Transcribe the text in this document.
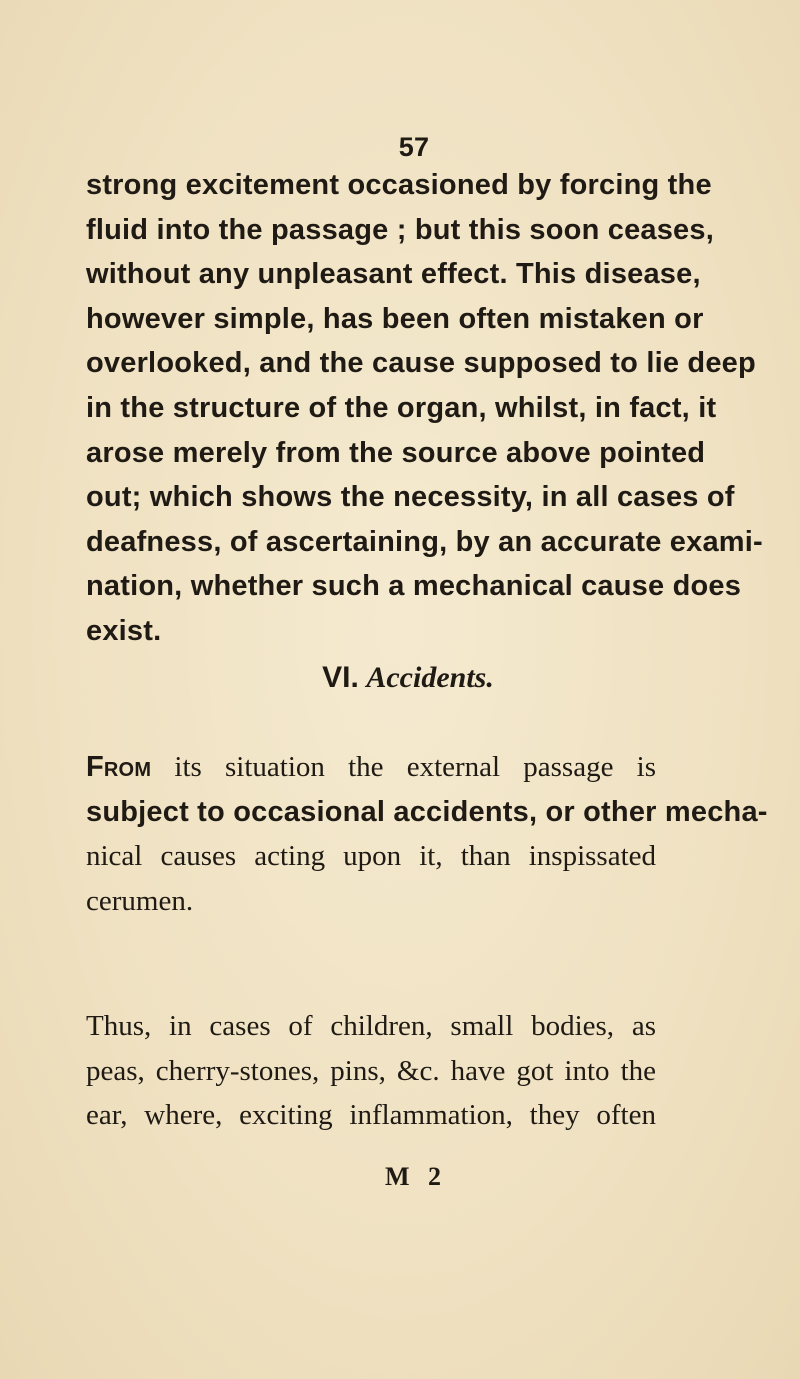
57
strong excitement occasioned by forcing the
fluid into the passage ; but this soon ceases,
without any unpleasant effect. This disease,
however simple, has been often mistaken or
overlooked, and the cause supposed to lie deep
in the structure of the organ, whilst, in fact, it
arose merely from the source above pointed
out; which shows the necessity, in all cases of
deafness, of ascertaining, by an accurate exami-
nation, whether such a mechanical cause does
exist.
VI. Accidents.
From its situation the external passage is
subject to occasional accidents, or other mecha-
nical causes acting upon it, than inspissated
cerumen.
Thus, in cases of children, small bodies, as
peas, cherry-stones, pins, &c. have got into the
ear, where, exciting inflammation, they often
M 2
